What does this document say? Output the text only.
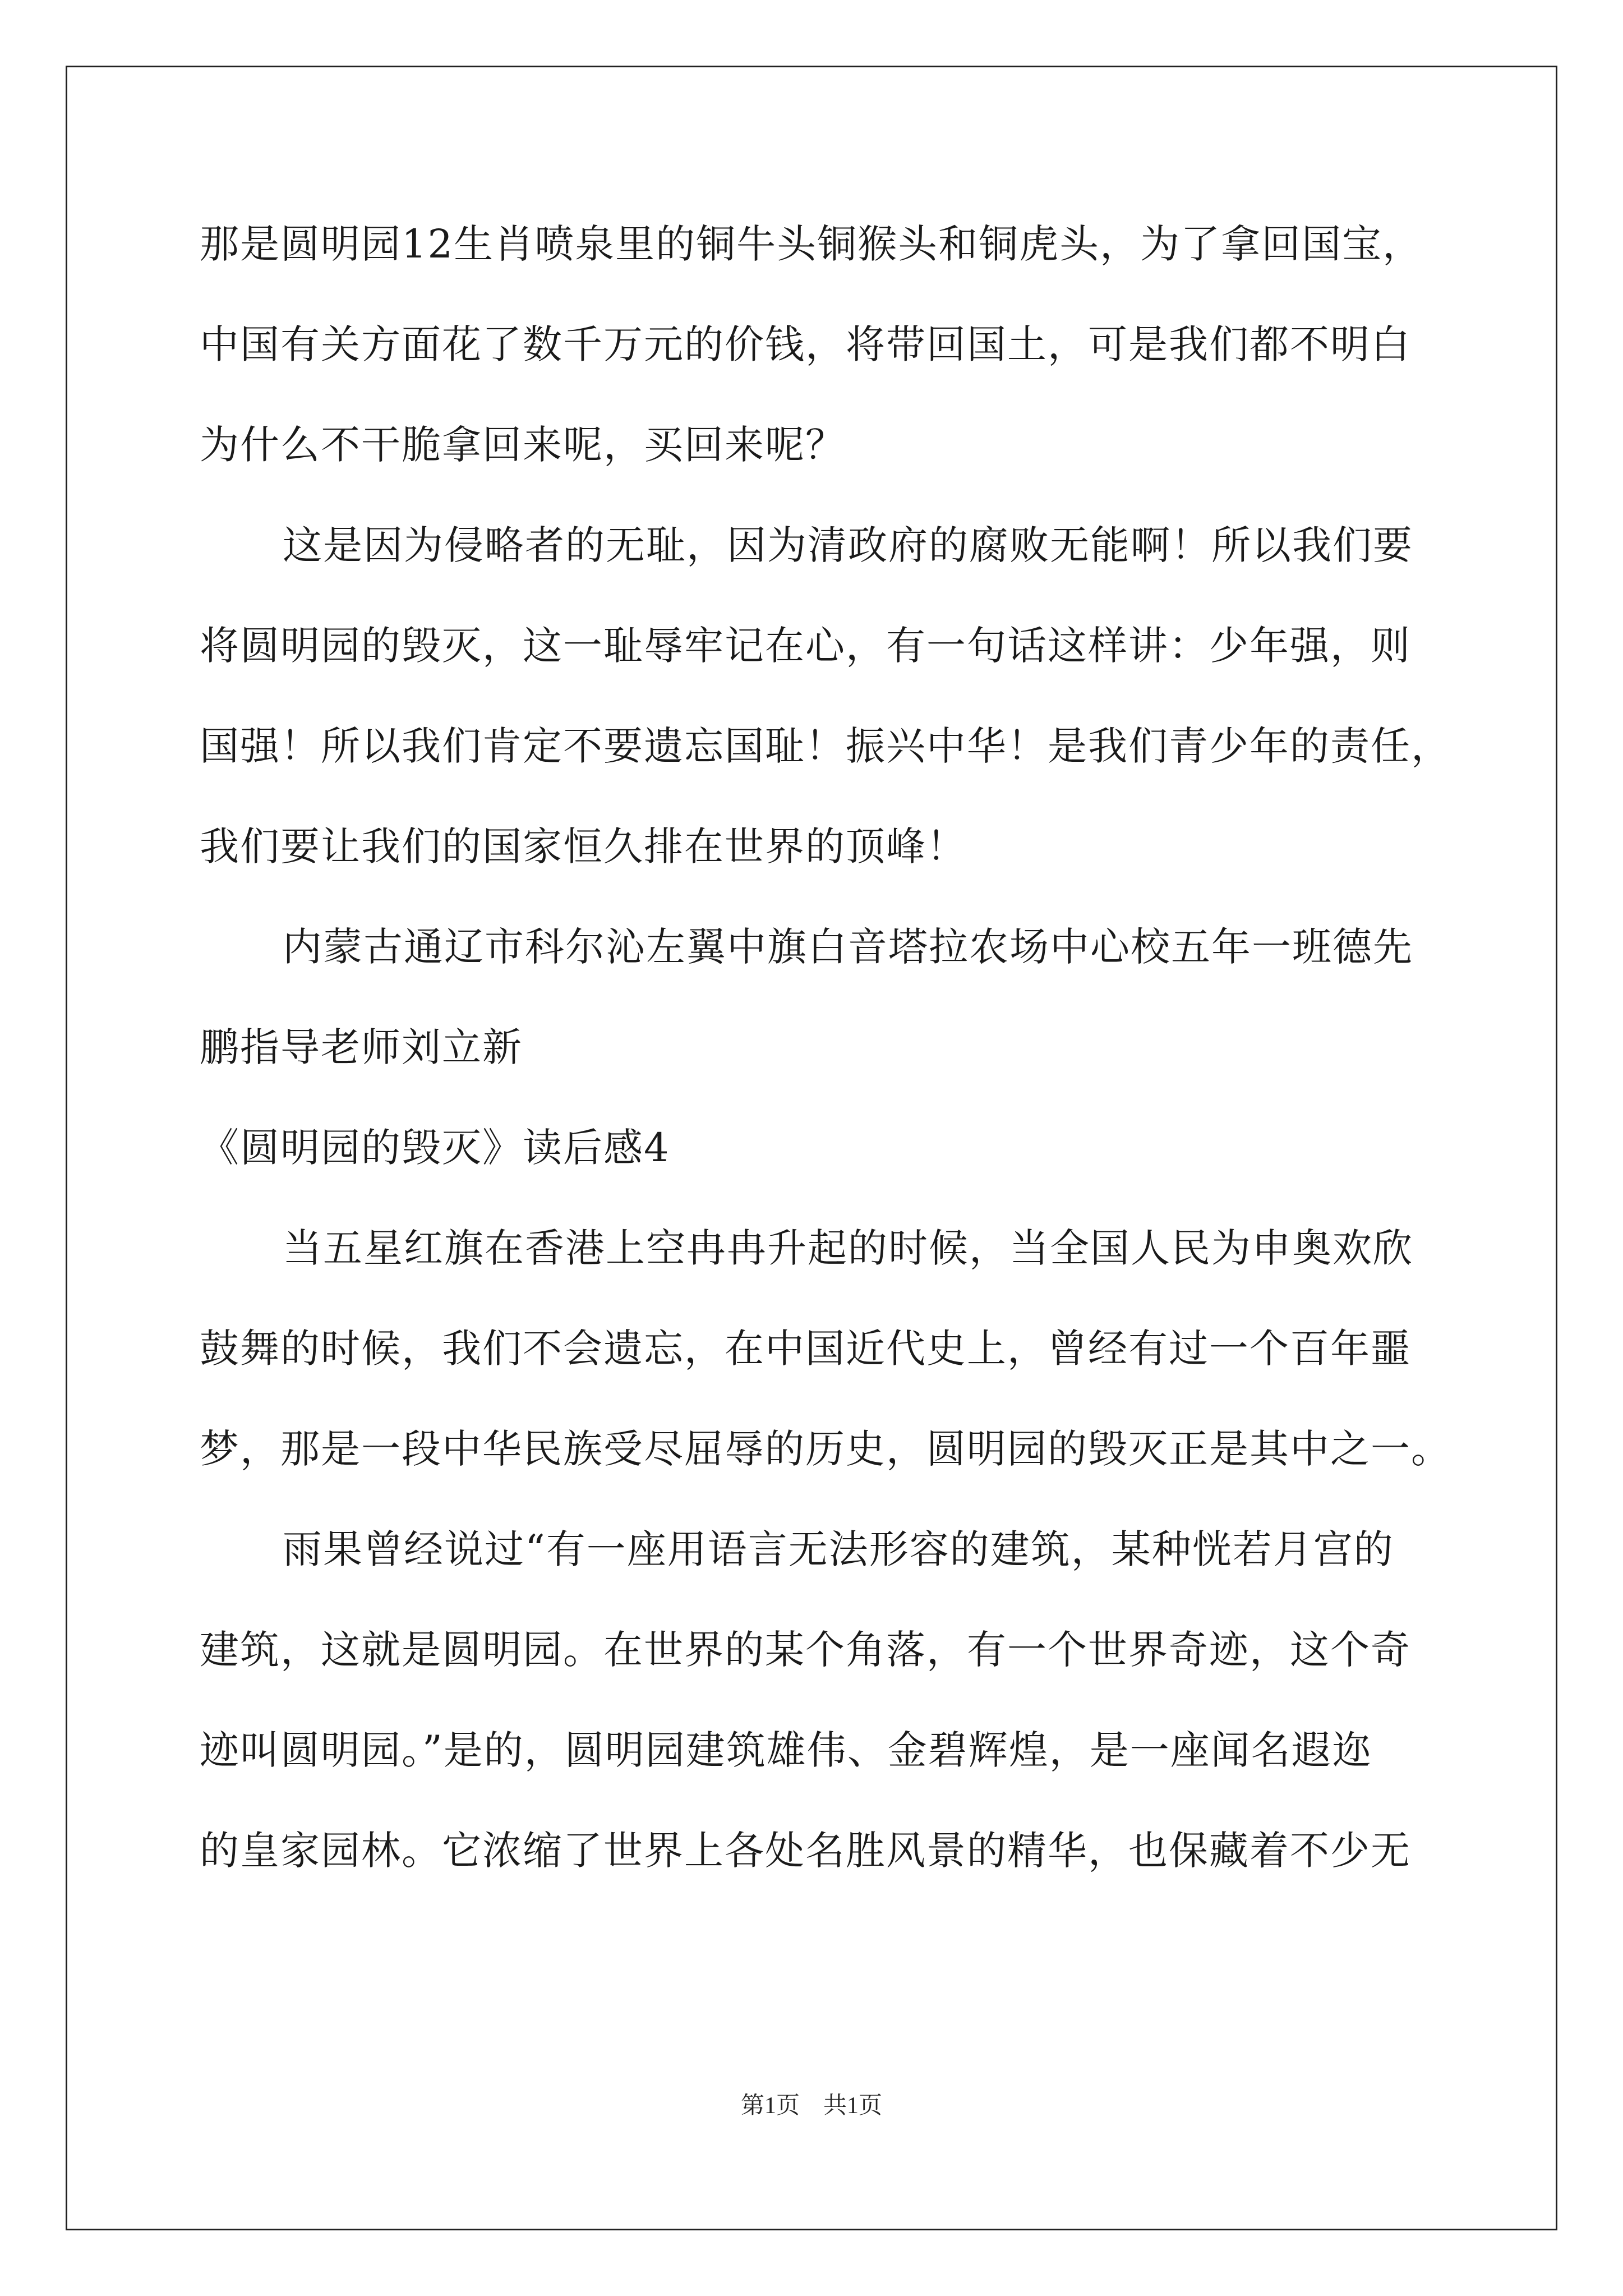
那是圆明园12生肖喷泉里的铜牛头铜猴头和铜虎头，为了拿回国宝，
中国有关方面花了数千万元的价钱，将带回国土，可是我们都不明白
为什么不干脆拿回来呢，买回来呢？
这是因为侵略者的无耻，因为清政府的腐败无能啊！所以我们要
将圆明园的毁灭，这一耻辱牢记在心，有一句话这样讲：少年强，则
国强！所以我们肯定不要遗忘国耻！振兴中华！是我们青少年的责任，
我们要让我们的国家恒久排在世界的顶峰！
内蒙古通辽市科尔沁左翼中旗白音塔拉农场中心校五年一班德先
鹏指导老师刘立新
《圆明园的毁灭》读后感4
当五星红旗在香港上空冉冉升起的时候，当全国人民为申奥欢欣
鼓舞的时候，我们不会遗忘，在中国近代史上，曾经有过一个百年噩
梦，那是一段中华民族受尽屈辱的历史，圆明园的毁灭正是其中之一。
雨果曾经说过“有一座用语言无法形容的建筑，某种恍若月宫的
建筑，这就是圆明园。在世界的某个角落，有一个世界奇迹，这个奇
迹叫圆明园。”是的，圆明园建筑雄伟、金碧辉煌，是一座闻名遐迩
的皇家园林。它浓缩了世界上各处名胜风景的精华，也保藏着不少无
第1页　共1页
